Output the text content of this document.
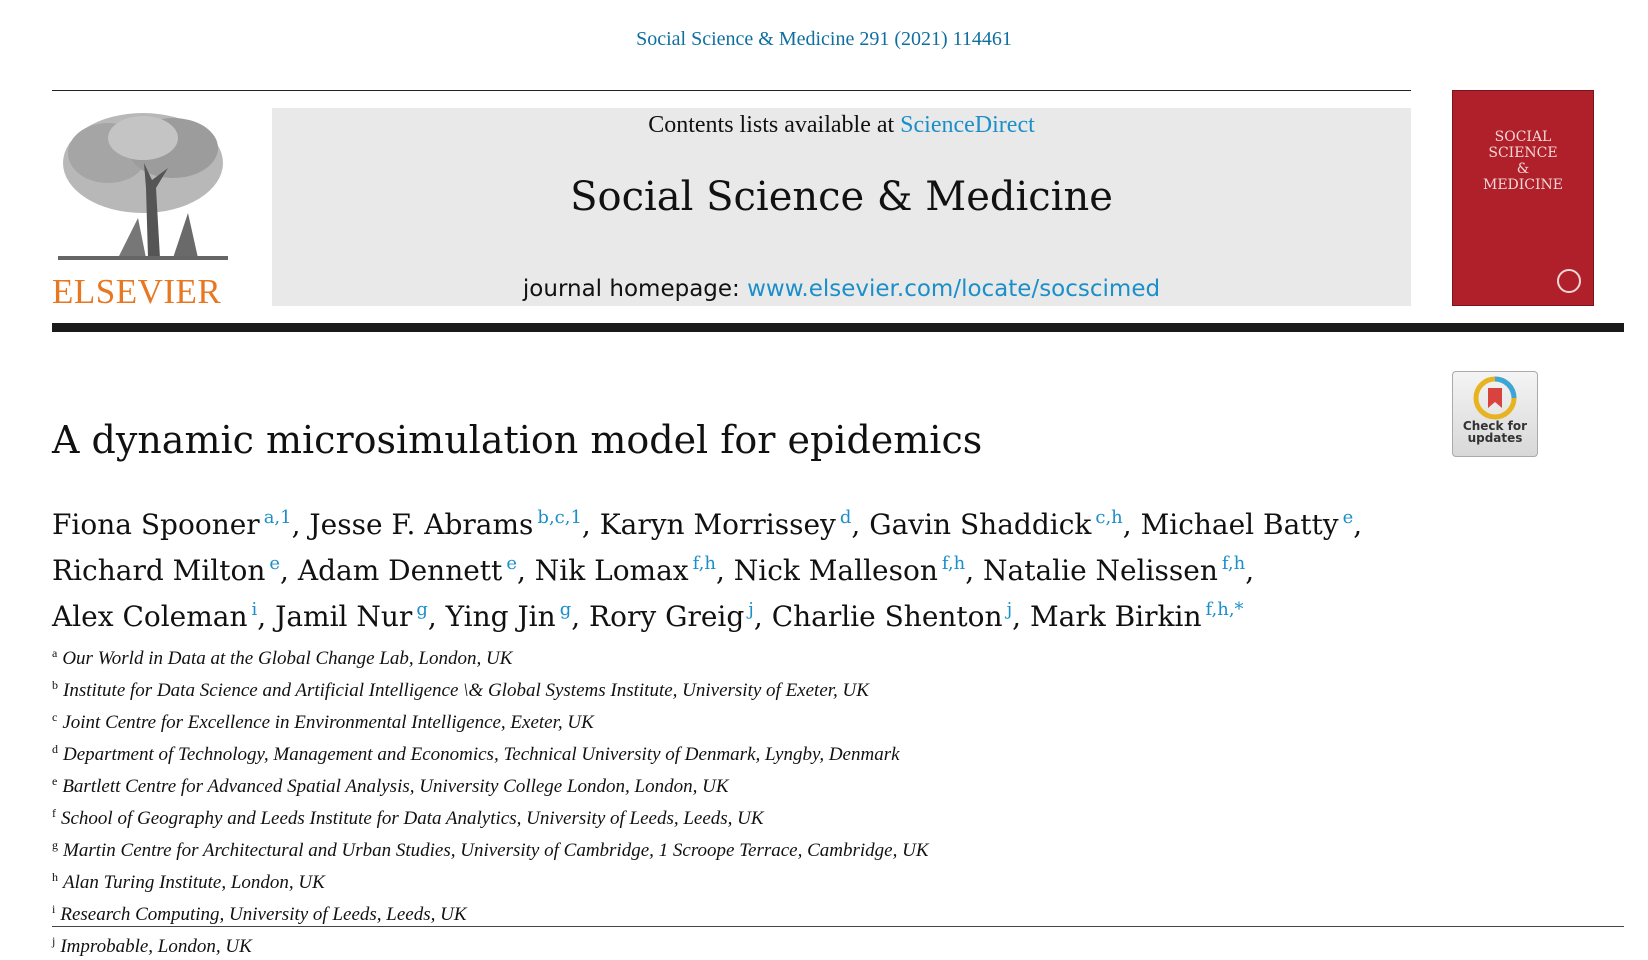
Social Science & Medicine 291 (2021) 114461
ELSEVIER
Contents lists available at ScienceDirect
Social Science & Medicine
journal homepage: www.elsevier.com/locate/socscimed
SOCIAL
SCIENCE
&
MEDICINE
Check for
updates
A dynamic microsimulation model for epidemics
Fiona Spooner $^{a,1}$, Jesse F. Abrams $^{b,c,1}$, Karyn Morrissey $^d$, Gavin Shaddick $^{c,h}$, Michael Batty $^e$,
Richard Milton $^e$, Adam Dennett $^e$, Nik Lomax $^{f,h}$, Nick Malleson $^{f,h}$, Natalie Nelissen $^{f,h}$,
Alex Coleman $^i$, Jamil Nur $^g$, Ying Jin $^g$, Rory Greig $^j$, Charlie Shenton $^j$, Mark Birkin $^{f,h,*}$
$^a$ Our World in Data at the Global Change Lab, London, UK
$^b$ Institute for Data Science and Artificial Intelligence \& Global Systems Institute, University of Exeter, UK
$^c$ Joint Centre for Excellence in Environmental Intelligence, Exeter, UK
$^d$ Department of Technology, Management and Economics, Technical University of Denmark, Lyngby, Denmark
$^e$ Bartlett Centre for Advanced Spatial Analysis, University College London, London, UK
$^f$ School of Geography and Leeds Institute for Data Analytics, University of Leeds, Leeds, UK
$^g$ Martin Centre for Architectural and Urban Studies, University of Cambridge, 1 Scroope Terrace, Cambridge, UK
$^h$ Alan Turing Institute, London, UK
$^i$ Research Computing, University of Leeds, Leeds, UK
$^j$ Improbable, London, UK
